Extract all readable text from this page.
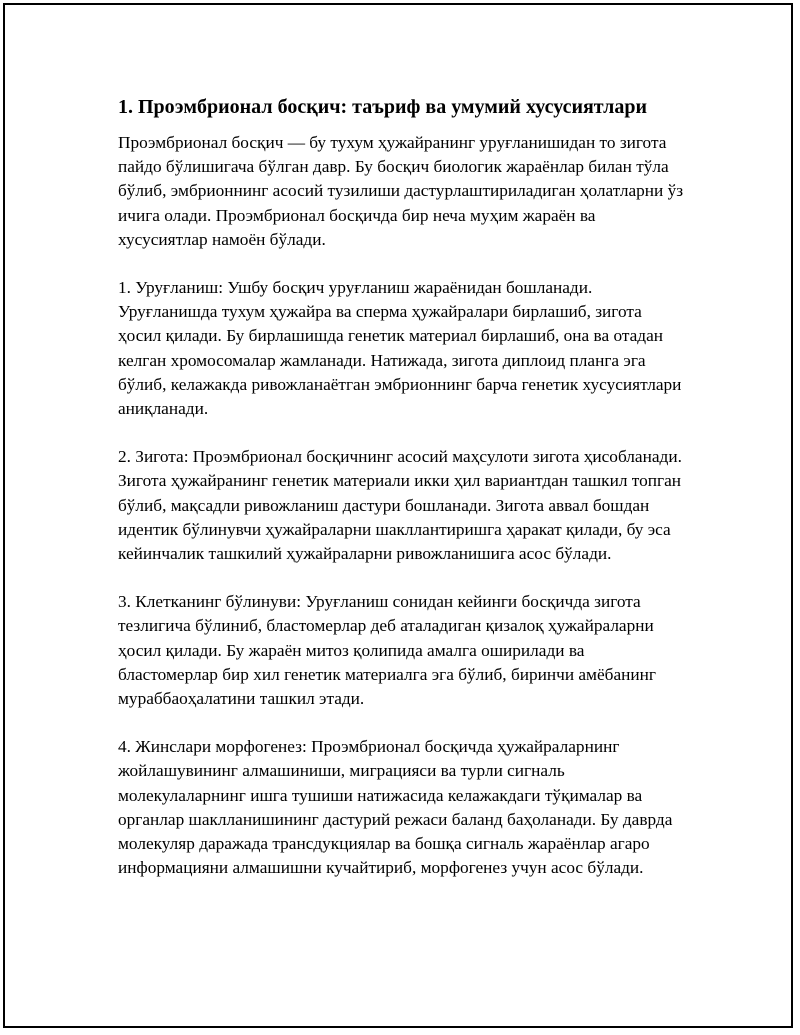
1. Проэмбрионал босқич: таъриф ва умумий хусусиятлари

Проэмбрионал босқич — бу тухум ҳужайранинг уруғланишидан то зигота пайдо бўлишигача бўлган давр. Бу босқич биологик жараёнлар билан тўла бўлиб, эмбрионнинг асосий тузилиши дастурлаштириладиган ҳолатларни ўз ичига олади. Проэмбрионал босқичда бир неча муҳим жараён ва хусусиятлар намоён бўлади.

1. Уруғланиш: Ушбу босқич уруғланиш жараёнидан бошланади. Уруғланишда тухум ҳужайра ва сперма ҳужайралари бирлашиб, зигота ҳосил қилади. Бу бирлашишда генетик материал бирлашиб, она ва отадан келган хромосомалар жамланади. Натижада, зигота диплоид планга эга бўлиб, келажакда ривожланаётган эмбрионнинг барча генетик хусусиятлари аниқланади.

2. Зигота: Проэмбрионал босқичнинг асосий маҳсулоти зигота ҳисобланади. Зигота ҳужайранинг генетик материали икки ҳил вариантдан ташкил топган бўлиб, мақсадли ривожланиш дастури бошланади. Зигота аввал бошдан идентик бўлинувчи ҳужайраларни шакллантиришга ҳаракат қилади, бу эса кейинчалик ташкилий ҳужайраларни ривожланишига асос бўлади.

3. Клетканинг бўлинуви: Уруғланиш сонидан кейинги босқичда зигота тезлигича бўлиниб, бластомерлар деб аталадиган қизалоқ ҳужайраларни ҳосил қилади. Бу жараён митоз қолипида амалга оширилади ва бластомерлар бир хил генетик материалга эга бўлиб, биринчи амёбанинг мураббаоҳалатини ташкил этади.

4. Жинслари морфогенез: Проэмбрионал босқичда ҳужайраларнинг жойлашувининг алмашиниши, миграцияси ва турли сигналь молекулаларнинг ишга тушиши натижасида келажакдаги тўқималар ва органлар шаклланишининг дастурий режаси баланд баҳоланади. Бу даврда молекуляр даражада трансдукциялар ва бошқа сигналь жараёнлар агаро информацияни алмашишни кучайтириб, морфогенез учун асос бўлади.
